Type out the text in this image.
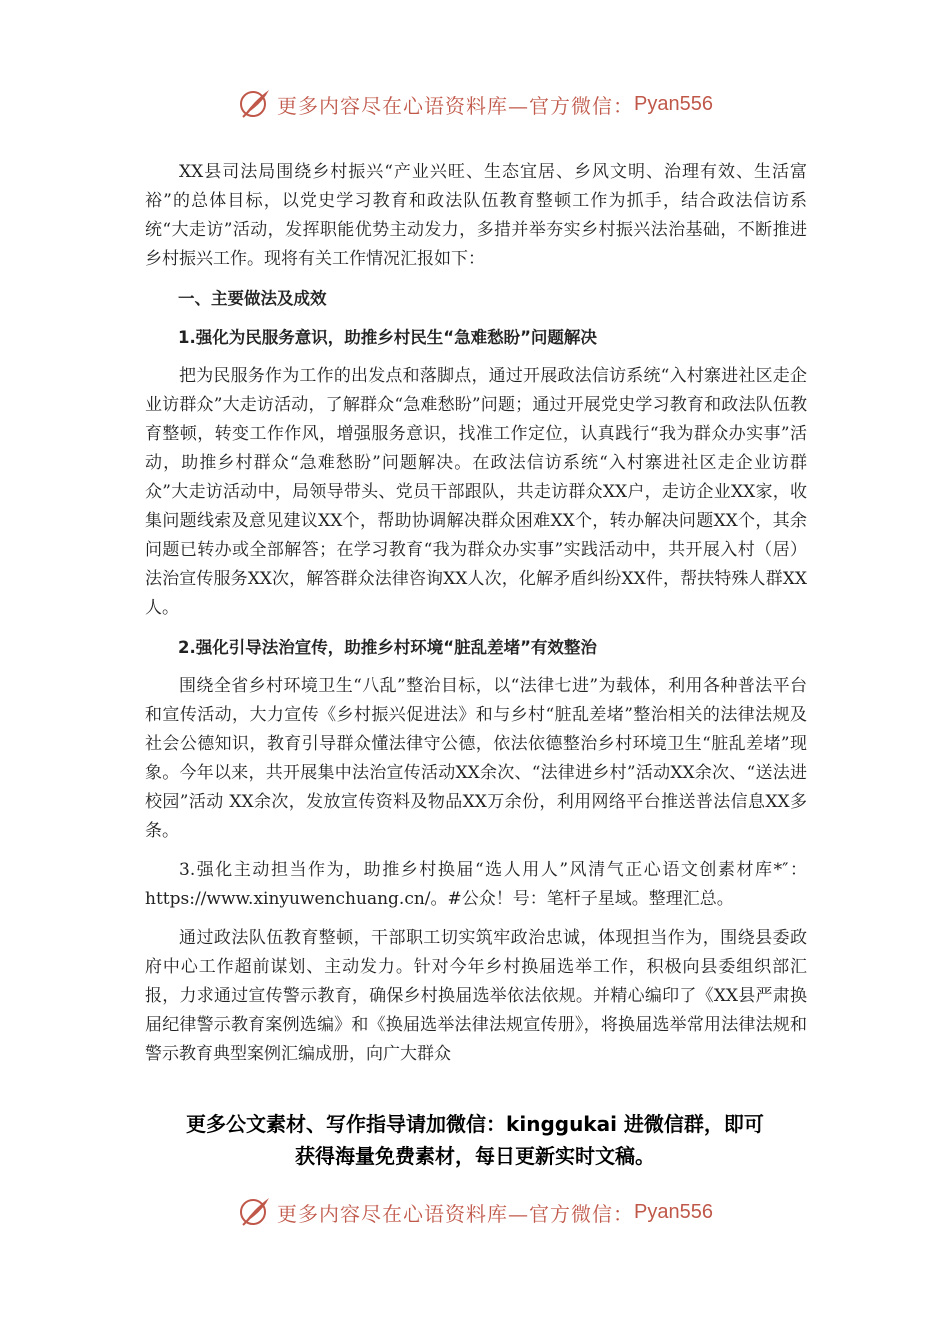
更多内容尽在心语资料库—官方微信： Pyan556

XX县司法局围绕乡村振兴“产业兴旺、生态宜居、乡风文明、治理有效、生活富裕”的总体目标，以党史学习教育和政法队伍教育整顿工作为抓手，结合政法信访系统“大走访”活动，发挥职能优势主动发力，多措并举夯实乡村振兴法治基础，不断推进乡村振兴工作。现将有关工作情况汇报如下：

一、主要做法及成效

1.强化为民服务意识，助推乡村民生“急难愁盼”问题解决

把为民服务作为工作的出发点和落脚点，通过开展政法信访系统“入村寨进社区走企业访群众”大走访活动，了解群众“急难愁盼”问题；通过开展党史学习教育和政法队伍教育整顿，转变工作作风，增强服务意识，找准工作定位，认真践行“我为群众办实事”活动，助推乡村群众“急难愁盼”问题解决。在政法信访系统“入村寨进社区走企业访群众”大走访活动中，局领导带头、党员干部跟队，共走访群众XX户，走访企业XX家，收集问题线索及意见建议XX个，帮助协调解决群众困难XX个，转办解决问题XX个，其余问题已转办或全部解答；在学习教育“我为群众办实事”实践活动中，共开展入村（居）法治宣传服务XX次，解答群众法律咨询XX人次，化解矛盾纠纷XX件，帮扶特殊人群XX人。

2.强化引导法治宣传，助推乡村环境“脏乱差堵”有效整治

围绕全省乡村环境卫生“八乱”整治目标，以“法律七进”为载体，利用各种普法平台和宣传活动，大力宣传《乡村振兴促进法》和与乡村“脏乱差堵”整治相关的法律法规及社会公德知识，教育引导群众懂法律守公德，依法依德整治乡村环境卫生“脏乱差堵”现象。今年以来，共开展集中法治宣传活动XX余次、“法律进乡村”活动XX余次、“送法进校园”活动 XX余次，发放宣传资料及物品XX万余份，利用网络平台推送普法信息XX多条。

3.强化主动担当作为，助推乡村换届“选人用人”风清气正心语文创素材库*″：https://www.xinyuwenchuang.cn/。#公众！号：笔杆子星域。整理汇总。

通过政法队伍教育整顿，干部职工切实筑牢政治忠诚，体现担当作为，围绕县委政府中心工作超前谋划、主动发力。针对今年乡村换届选举工作，积极向县委组织部汇报，力求通过宣传警示教育，确保乡村换届选举依法依规。并精心编印了《XX县严肃换届纪律警示教育案例选编》和《换届选举法律法规宣传册》，将换届选举常用法律法规和警示教育典型案例汇编成册，向广大群众

更多公文素材、写作指导请加微信：kinggukai 进微信群，即可
获得海量免费素材，每日更新实时文稿。
更多内容尽在心语资料库—官方微信： Pyan556
